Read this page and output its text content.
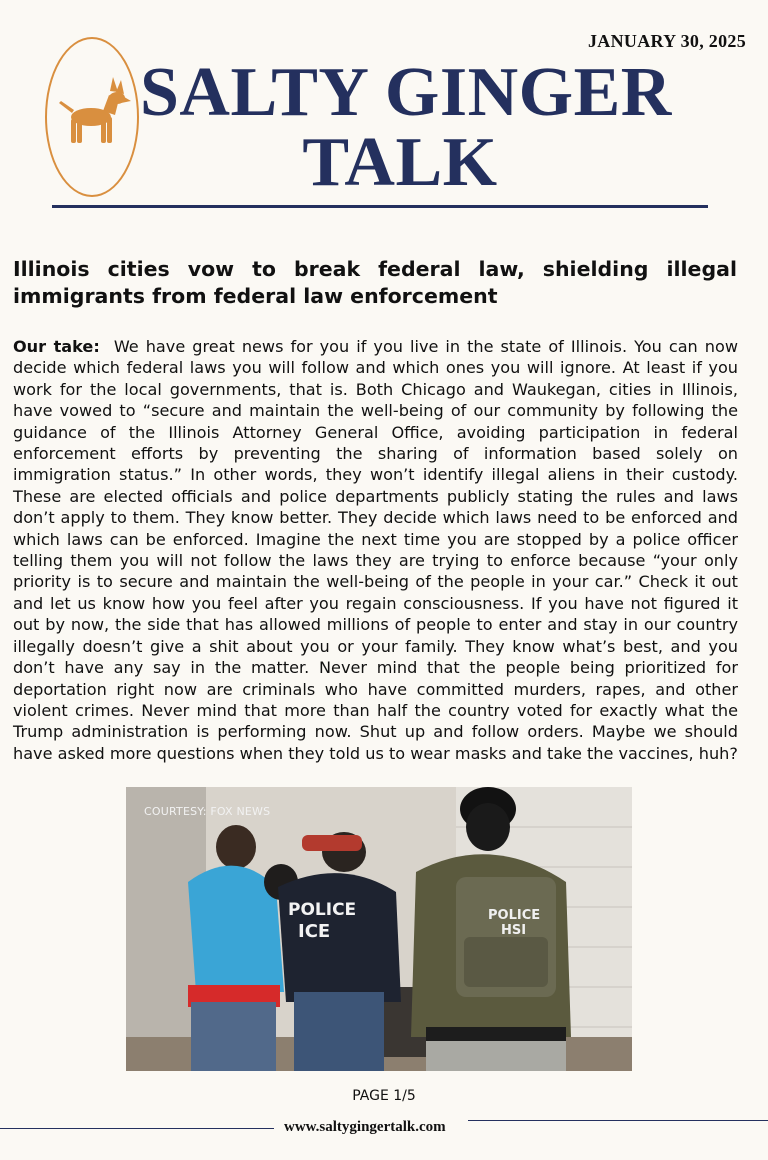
JANUARY 30, 2025
SALTY GINGER
TALK
Illinois cities vow to break federal law, shielding illegal immigrants from federal law enforcement
Our take: We have great news for you if you live in the state of Illinois. You can now decide which federal laws you will follow and which ones you will ignore. At least if you work for the local governments, that is. Both Chicago and Waukegan, cities in Illinois, have vowed to “secure and maintain the well-being of our community by following the guidance of the Illinois Attorney General Office, avoiding participation in federal enforcement efforts by preventing the sharing of information based solely on immigration status.” In other words, they won’t identify illegal aliens in their custody. These are elected officials and police departments publicly stating the rules and laws don’t apply to them. They know better. They decide which laws need to be enforced and which laws can be enforced. Imagine the next time you are stopped by a police officer telling them you will not follow the laws they are trying to enforce because “your only priority is to secure and maintain the well-being of the people in your car.” Check it out and let us know how you feel after you regain consciousness. If you have not figured it out by now, the side that has allowed millions of people to enter and stay in our country illegally doesn’t give a shit about you or your family. They know what’s best, and you don’t have any say in the matter. Never mind that the people being prioritized for deportation right now are criminals who have committed murders, rapes, and other violent crimes. Never mind that more than half the country voted for exactly what the Trump administration is performing now. Shut up and follow orders. Maybe we should have asked more questions when they told us to wear masks and take the vaccines, huh?
POLICE
ICE
POLICE
HSI
COURTESY: FOX NEWS
PAGE 1/5
www.saltygingertalk.com
